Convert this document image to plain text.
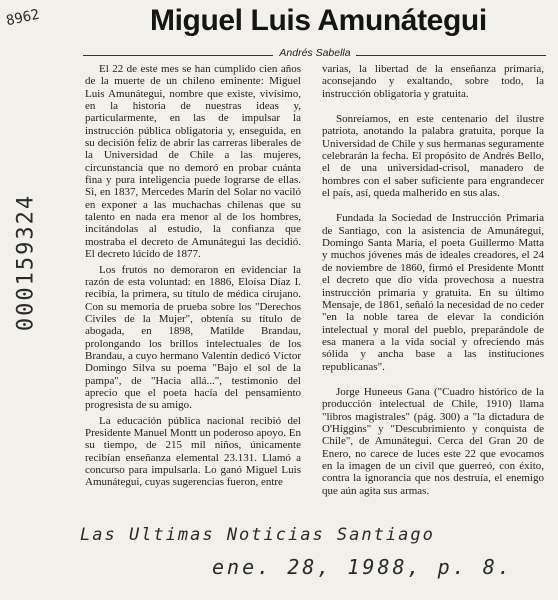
8962
000159324
Miguel Luis Amunátegui
Andrés Sabella

El 22 de este mes se han cumplido cien años de la muerte de un chileno eminente: Miguel Luis Amunátegui, nombre que existe, vivísimo, en la historia de nuestras ideas y, particularmente, en las de impulsar la instrucción pública obligatoria y, enseguida, en su decisión feliz de abrir las carreras liberales de la Universidad de Chile a las mujeres, circunstancia que no demoró en probar cuánta fina y pura inteligencia puede lograrse de ellas. Si, en 1837, Mercedes Marín del Solar no vaciló en exponer a las muchachas chilenas que su talento en nada era menor al de los hombres, incitándolas al estudio, la confianza que mostraba el decreto de Amunátegui las decidió. El decreto lúcido de 1877.

Los frutos no demoraron en evidenciar la razón de esta voluntad: en 1886, Eloísa Díaz I. recibía, la primera, su título de médica cirujano. Con su memoria de prueba sobre los "Derechos Civiles de la Mujer", obtenía su título de abogada, en 1898, Matilde Brandau, prolongando los brillos intelectuales de los Brandau, a cuyo hermano Valentín dedicó Víctor Domingo Silva su poema "Bajo el sol de la pampa", de "Hacia allá...", testimonio del aprecio que el poeta hacía del pensamiento progresista de su amigo.

La educación pública nacional recibió del Presidente Manuel Montt un poderoso apoyo. En su tiempo, de 215 mil niños, únicamente recibían enseñanza elemental 23.131. Llamó a concurso para impulsarla. Lo ganó Miguel Luis Amunátegui, cuyas sugerencias fueron, entre

varias, la libertad de la enseñanza primaria, aconsejando y exaltando, sobre todo, la instrucción obligatoria y gratuita.

Sonreíamos, en este centenario del ilustre patriota, anotando la palabra gratuita, porque la Universidad de Chile y sus hermanas seguramente celebrarán la fecha. El propósito de Andrés Bello, el de una universidad-crisol, manadero de hombres con el saber suficiente para engrandecer el país, así, queda malherido en sus alas.

Fundada la Sociedad de Instrucción Primaria de Santiago, con la asistencia de Amunátegui, Domingo Santa María, el poeta Guillermo Matta y muchos jóvenes más de ideales creadores, el 24 de noviembre de 1860, firmó el Presidente Montt el decreto que dio vida provechosa a nuestra instrucción primaria y gratuita. En su último Mensaje, de 1861, señaló la necesidad de no ceder "en la noble tarea de elevar la condición intelectual y moral del pueblo, preparándole de esa manera a la vida social y ofreciendo más sólida y ancha base a las instituciones republicanas".

Jorge Huneeus Gana ("Cuadro histórico de la producción intelectual de Chile, 1910) llama "libros magistrales" (pág. 300) a "la dictadura de O'Higgins" y "Descubrimiento y conquista de Chile", de Amunátegui. Cerca del Gran 20 de Enero, no carece de luces este 22 que evocamos en la imagen de un civil que guerreó, con éxito, contra la ignorancia que nos destruía, el enemigo que aún agita sus armas.

Las Ultimas Noticias Santiago
ene. 28, 1988, p. 8.
